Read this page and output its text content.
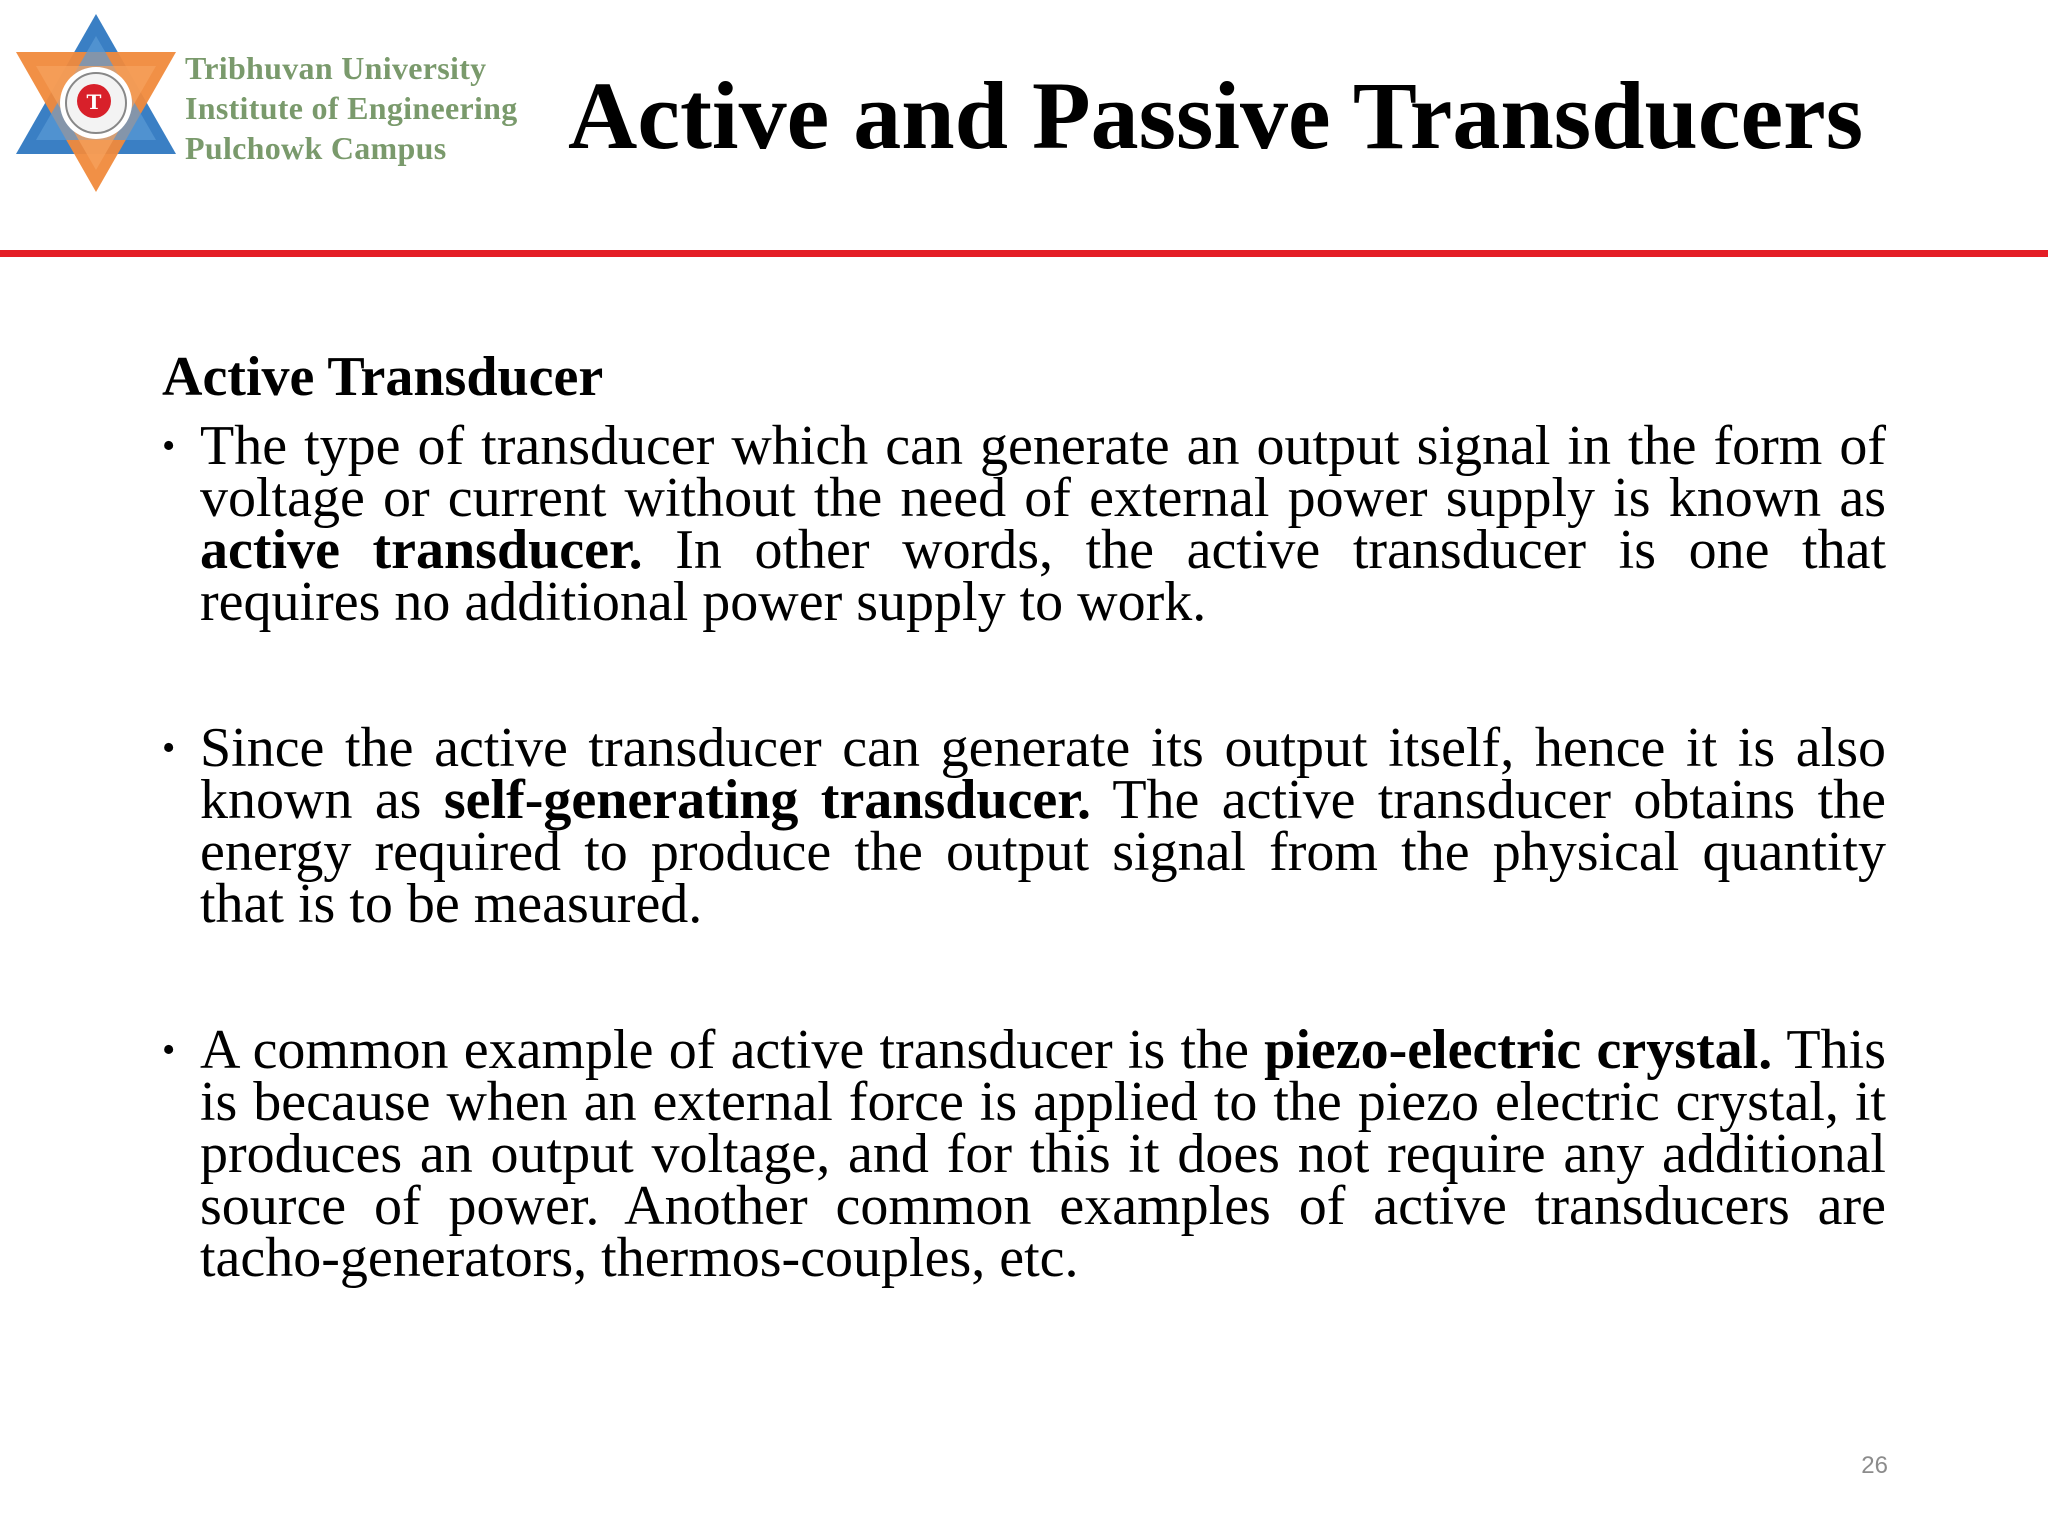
T
Tribhuvan University
Institute of Engineering
Pulchowk Campus	Active and Passive Transducers
Active Transducer
• The type of transducer which can generate an output signal in the form of voltage or current without the need of external power supply is known as active transducer. In other words, the active transducer is one that requires no additional power supply to work.
• Since the active transducer can generate its output itself, hence it is also known as self-generating transducer. The active transducer obtains the energy required to produce the output signal from the physical quantity that is to be measured.
• A common example of active transducer is the piezo-electric crystal. This is because when an external force is applied to the piezo electric crystal, it produces an output voltage, and for this it does not require any additional source of power. Another common examples of active transducers are tacho-generators, thermos-couples, etc.
26
